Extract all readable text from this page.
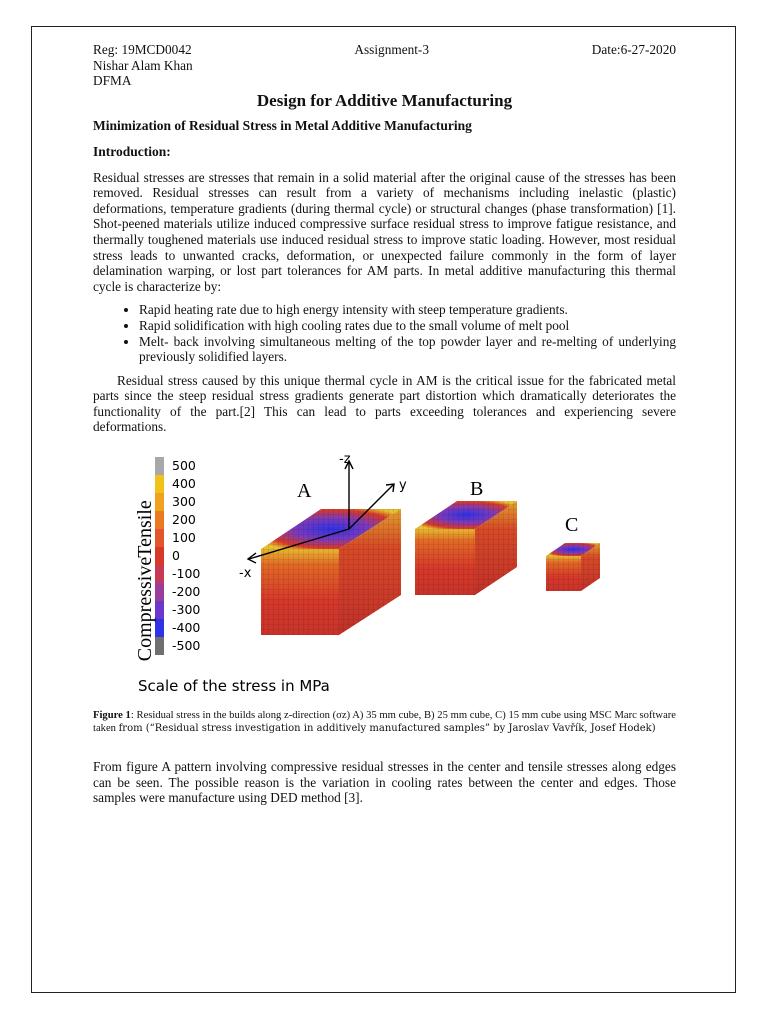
Reg: 19MCD0042	Assignment-3	Date:6-27-2020
Nishar Alam Khan
DFMA
Design for Additive Manufacturing
Minimization of Residual Stress in Metal Additive Manufacturing
Introduction:

Residual stresses are stresses that remain in a solid material after the original cause of the stresses has been removed. Residual stresses can result from a variety of mechanisms including inelastic (plastic) deformations, temperature gradients (during thermal cycle) or structural changes (phase transformation) [1]. Shot-peened materials utilize induced compressive surface residual stress to improve fatigue resistance, and thermally toughened materials use induced residual stress to improve static loading. However, most residual stress leads to unwanted cracks, deformation, or unexpected failure commonly in the form of layer delamination warping, or lost part tolerances for AM parts. In metal additive manufacturing this thermal cycle is characterize by:

• Rapid heating rate due to high energy intensity with steep temperature gradients.
• Rapid solidification with high cooling rates due to the small volume of melt pool
• Melt- back involving simultaneous melting of the top powder layer and re-melting of underlying previously solidified layers.

Residual stress caused by this unique thermal cycle in AM is the critical issue for the fabricated metal parts since the steep residual stress gradients generate part distortion which dramatically deteriorates the functionality of the part.[2] This can lead to parts exceeding tolerances and experiencing severe deformations.

500
400
300
200
100
0
-100
-200
-300
-400
-500
Tensile
Compressive
Scale of the stress in MPa
-z
y
-x
A	B
C
Figure 1: Residual stress in the builds along z-direction (σz) A) 35 mm cube, B) 25 mm cube, C) 15 mm cube using MSC Marc software taken from (“Residual stress investigation in additively manufactured samples” by Jaroslav Vavřík, Josef Hodek)

From figure A pattern involving compressive residual stresses in the center and tensile stresses along edges can be seen. The possible reason is the variation in cooling rates between the center and edges. Those samples were manufacture using DED method [3].
